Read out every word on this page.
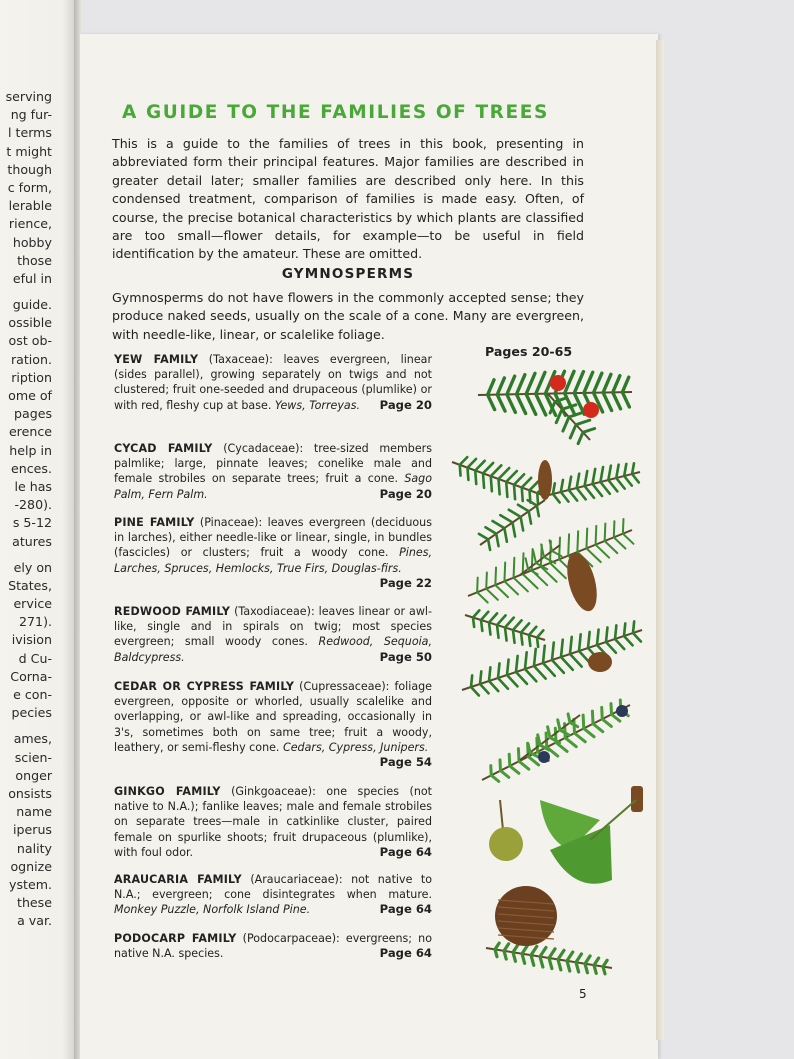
serving
ng fur-
l terms
t might
though
c form,
lerable
rience,
hobby
those
eful in
guide.
ossible
ost ob-
ration.
ription
ome of
pages
erence
help in
ences.
le has
-280).
s 5-12
atures
ely on
States,
ervice
271).
ivision
d Cu-
Corna-
e con-
pecies
ames,
scien-
onger
onsists
name
iperus
nality
ognize
ystem.
these
a var.
A GUIDE TO THE FAMILIES OF TREES
This is a guide to the families of trees in this book, presenting in abbreviated form their principal features. Major families are described in greater detail later; smaller families are described only here. In this condensed treatment, comparison of families is made easy. Often, of course, the precise botanical characteristics by which plants are classified are too small—flower details, for example—to be useful in field identification by the amateur. These are omitted.
GYMNOSPERMS
Gymnosperms do not have flowers in the commonly accepted sense; they produce naked seeds, usually on the scale of a cone. Many are evergreen, with needle-like, linear, or scalelike foliage.
Pages 20-65
YEW FAMILY (Taxaceae): leaves evergreen, linear (sides parallel), growing separately on twigs and not clustered; fruit one-seeded and drupaceous (plumlike) or with red, fleshy cup at base. Yews, Torreyas. Page 20
CYCAD FAMILY (Cycadaceae): tree-sized members palmlike; large, pinnate leaves; conelike male and female strobiles on separate trees; fruit a cone. Sago Palm, Fern Palm.	Page 20
PINE FAMILY (Pinaceae): leaves evergreen (deciduous in larches), either needle-like or linear, single, in bundles (fascicles) or clusters; fruit a woody cone. Pines, Larches, Spruces, Hemlocks, True Firs, Douglas-firs.
Page 22
REDWOOD FAMILY (Taxodiaceae): leaves linear or awl-like, single and in spirals on twig; most species evergreen; small woody cones. Redwood, Sequoia, Baldcypress.	Page 50
CEDAR OR CYPRESS FAMILY (Cupressaceae): foliage evergreen, opposite or whorled, usually scalelike and overlapping, or awl-like and spreading, occasionally in 3's, sometimes both on same tree; fruit a woody, leathery, or semi-fleshy cone. Cedars, Cypress, Junipers.
Page 54
GINKGO FAMILY (Ginkgoaceae): one species (not native to N.A.); fanlike leaves; male and female strobiles on separate trees—male in catkinlike cluster, paired female on spurlike shoots; fruit drupaceous (plumlike), with foul odor.	Page 64
ARAUCARIA FAMILY (Araucariaceae): not native to N.A.; evergreen; cone disintegrates when mature. Monkey Puzzle, Norfolk Island Pine.	Page 64
PODOCARP FAMILY (Podocarpaceae): evergreens; no native N.A. species.	Page 64
5
